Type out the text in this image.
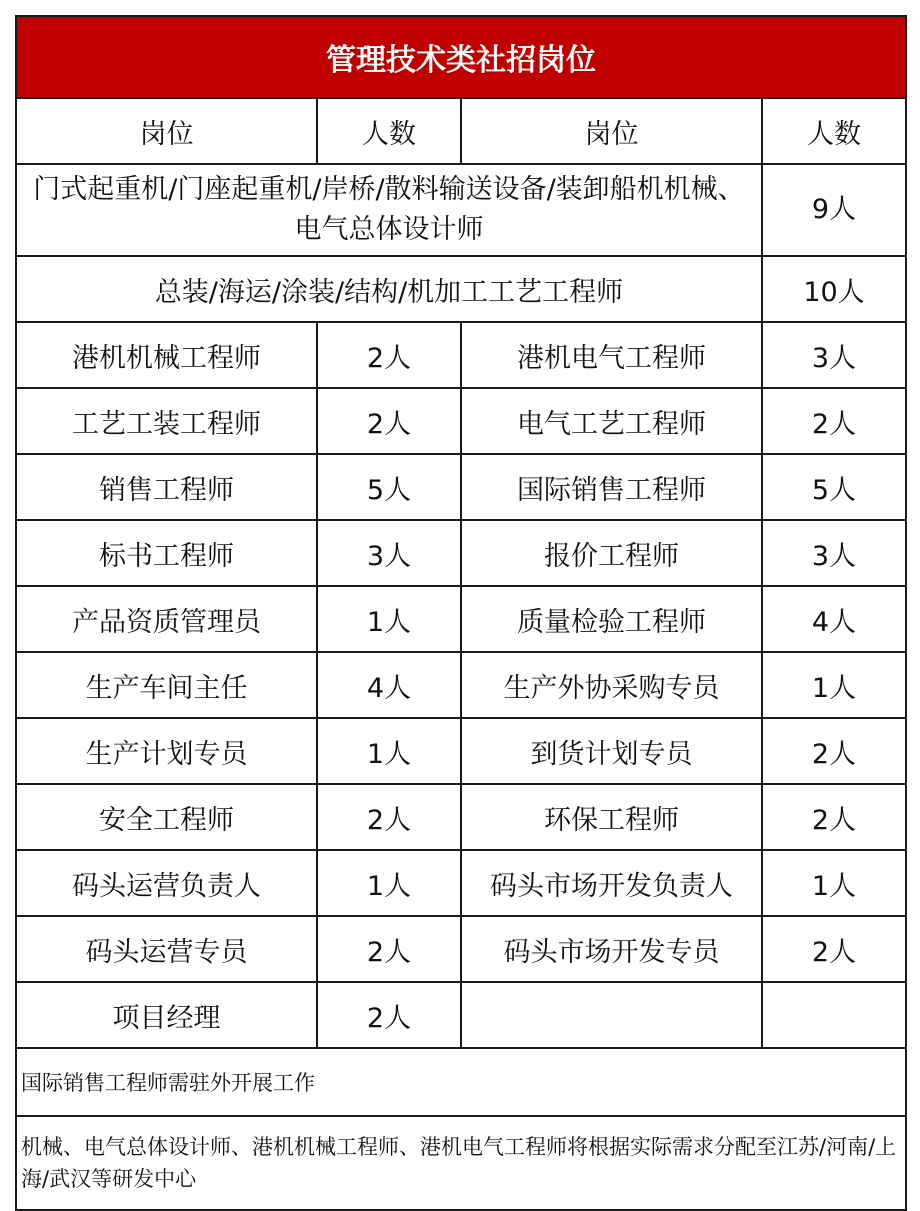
管理技术类社招岗位			
岗位	人数	岗位	人数
门式起重机/门座起重机/岸桥/散料输送设备/装卸船机机械、电气总体设计师			9人
总装/海运/涂装/结构/机加工工艺工程师			10人
港机机械工程师	2人	港机电气工程师	3人
工艺工装工程师	2人	电气工艺工程师	2人
销售工程师	5人	国际销售工程师	5人
标书工程师	3人	报价工程师	3人
产品资质管理员	1人	质量检验工程师	4人
生产车间主任	4人	生产外协采购专员	1人
生产计划专员	1人	到货计划专员	2人
安全工程师	2人	环保工程师	2人
码头运营负责人	1人	码头市场开发负责人	1人
码头运营专员	2人	码头市场开发专员	2人
项目经理	2人		
国际销售工程师需驻外开展工作			
机械、电气总体设计师、港机机械工程师、港机电气工程师将根据实际需求分配至江苏/河南/上海/武汉等研发中心			
